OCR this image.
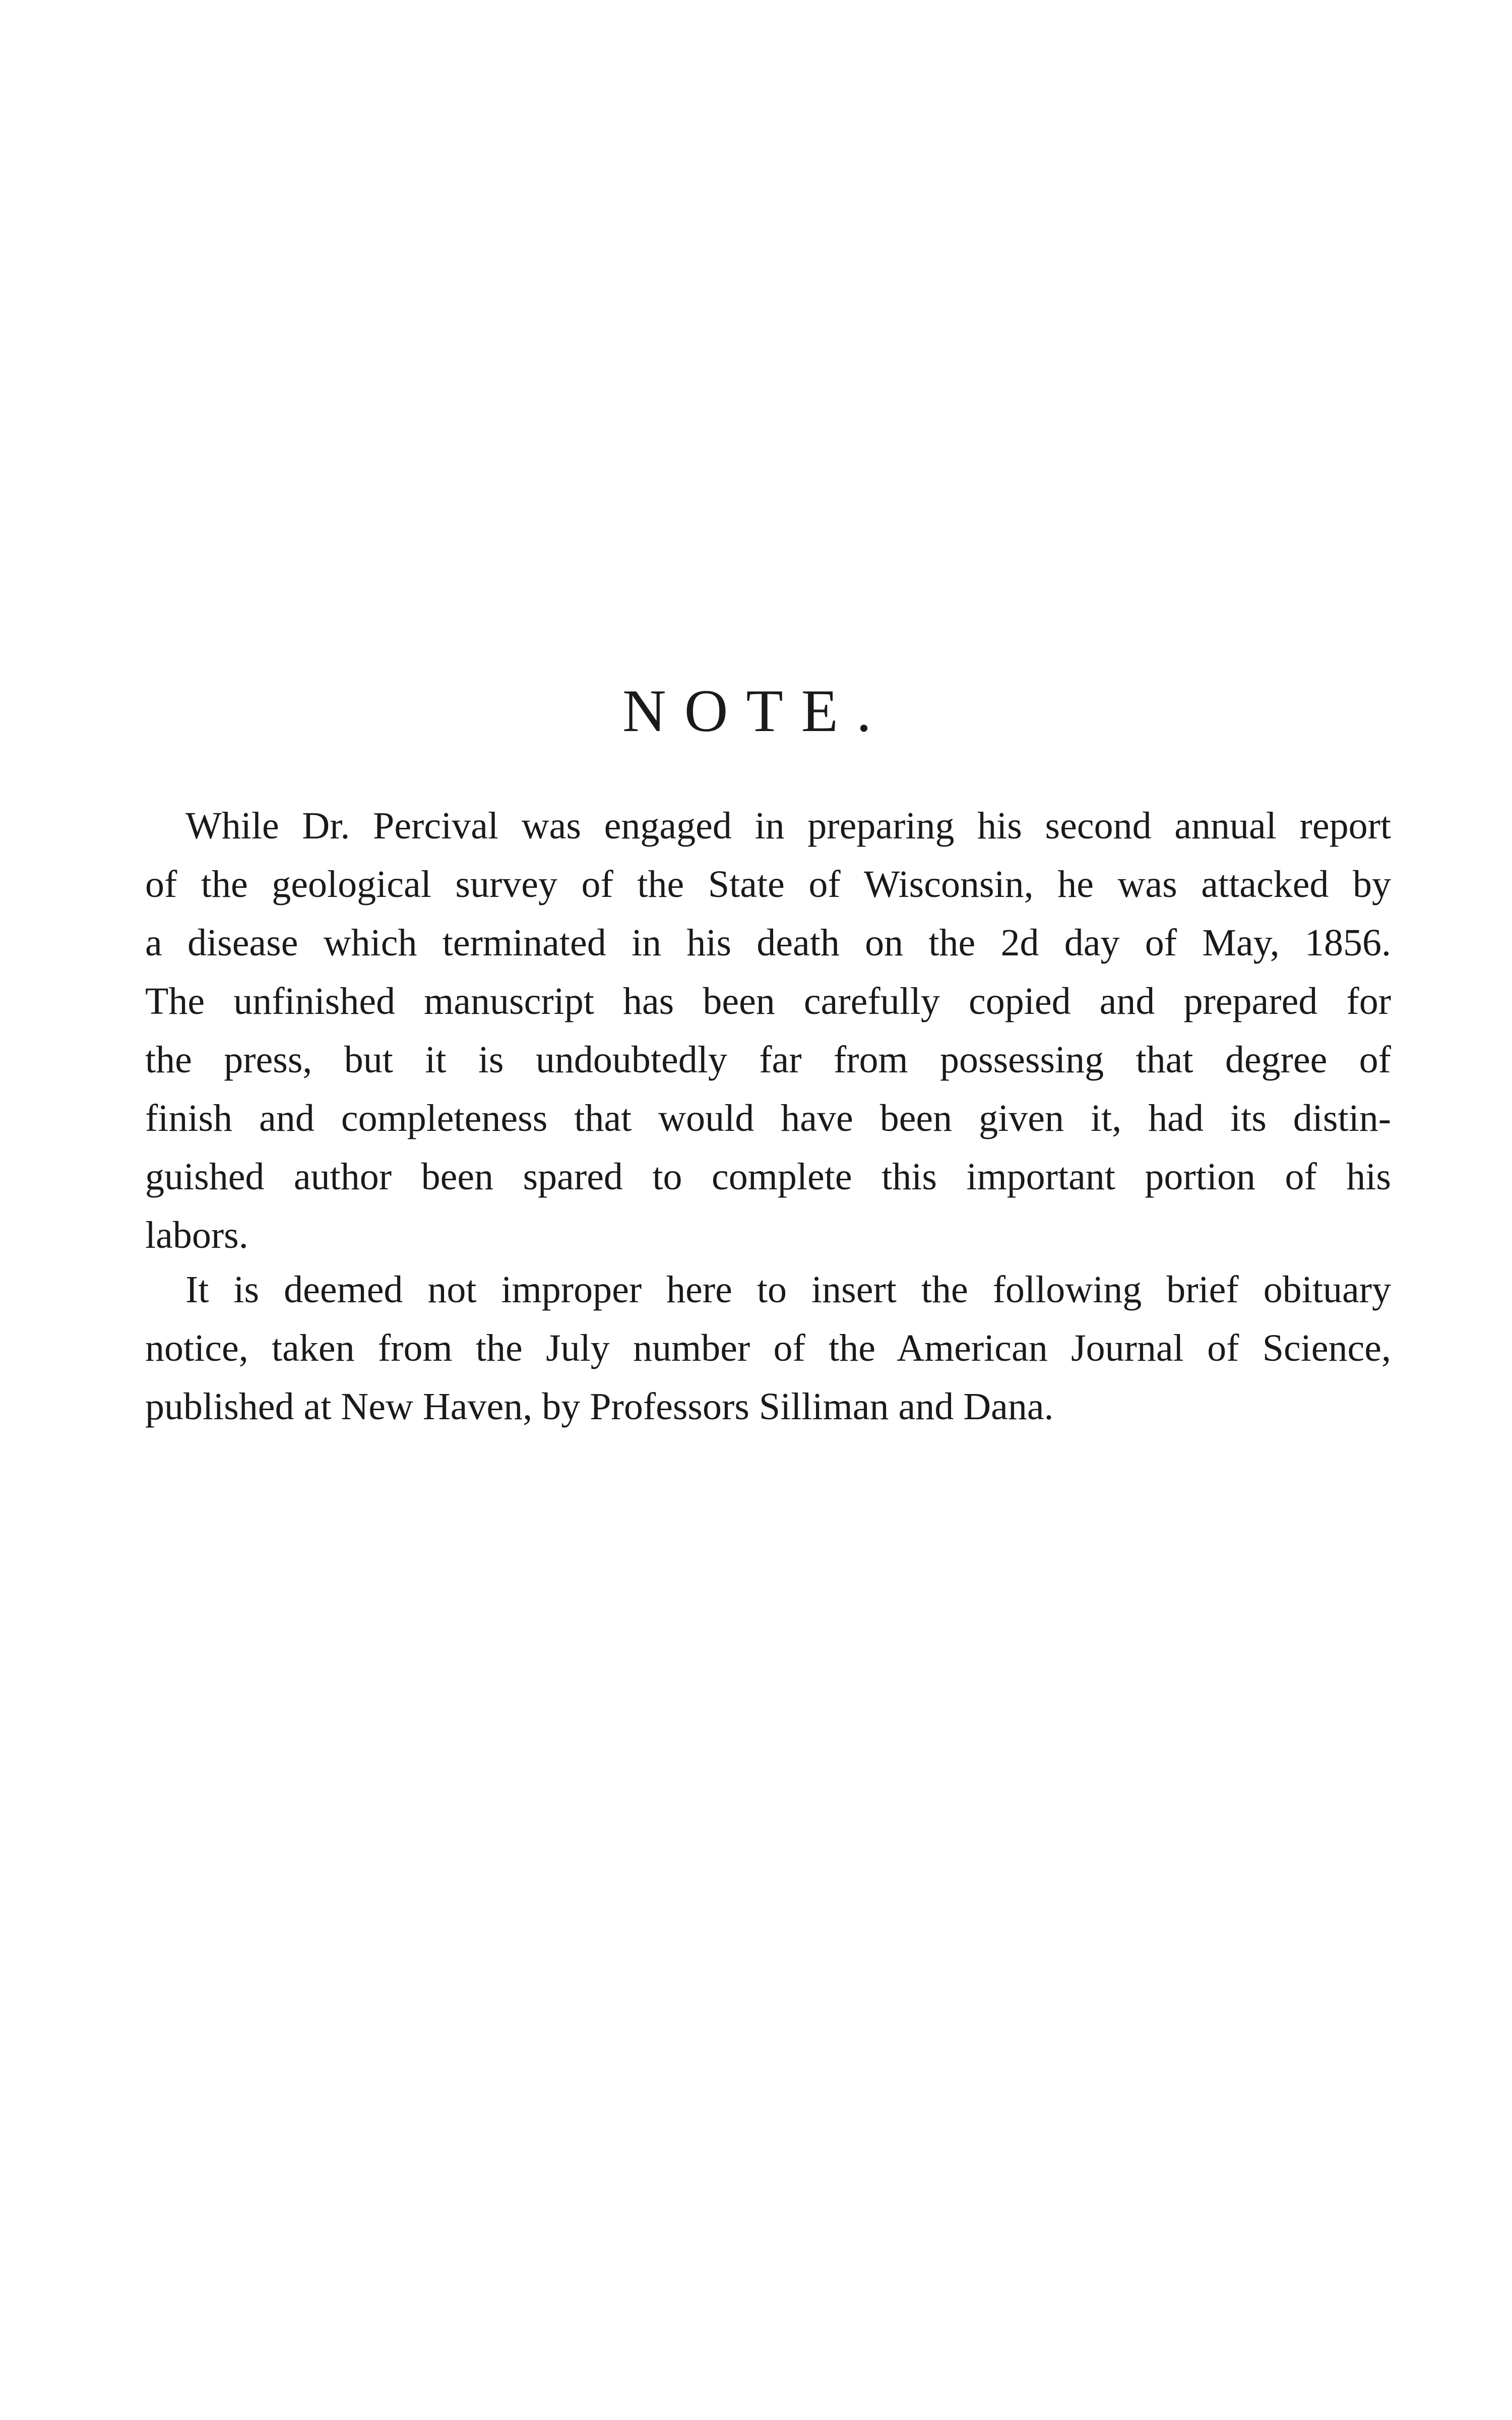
NOTE.
While Dr. Percival was engaged in preparing his second annual report
of the geological survey of the State of Wisconsin, he was attacked by
a disease which terminated in his death on the 2d day of May, 1856.
The unfinished manuscript has been carefully copied and prepared for
the press, but it is undoubtedly far from possessing that degree of
finish and completeness that would have been given it, had its distin-
guished author been spared to complete this important portion of his
labors.
It is deemed not improper here to insert the following brief obituary
notice, taken from the July number of the American Journal of Science,
published at New Haven, by Professors Silliman and Dana.
